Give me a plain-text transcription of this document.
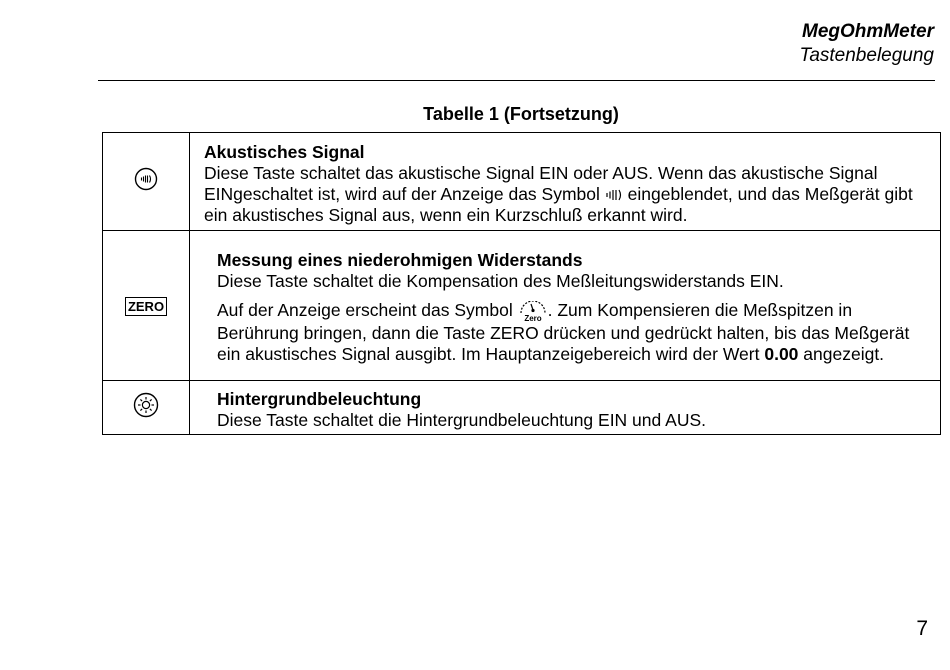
MegOhmMeter
Tastenbelegung
Tabelle 1 (Fortsetzung)

Akustisches Signal
Diese Taste schaltet das akustische Signal EIN oder AUS. Wenn das akustische Signal EINgeschaltet ist, wird auf der Anzeige das Symbol eingeblendet, und das Meßgerät gibt ein akustisches Signal aus, wenn ein Kurzschluß erkannt wird.

ZERO	Messung eines niederohmigen Widerstands
Diese Taste schaltet die Kompensation des Meßleitungswiderstands EIN.
Auf der Anzeige erscheint das Symbol Zero . Zum Kompensieren die Meßspitzen in Berührung bringen, dann die Taste ZERO drücken und gedrückt halten, bis das Meßgerät ein akustisches Signal ausgibt. Im Hauptanzeigebereich wird der Wert 0.00 angezeigt.

Hintergrundbeleuchtung
Diese Taste schaltet die Hintergrundbeleuchtung EIN und AUS.
7
